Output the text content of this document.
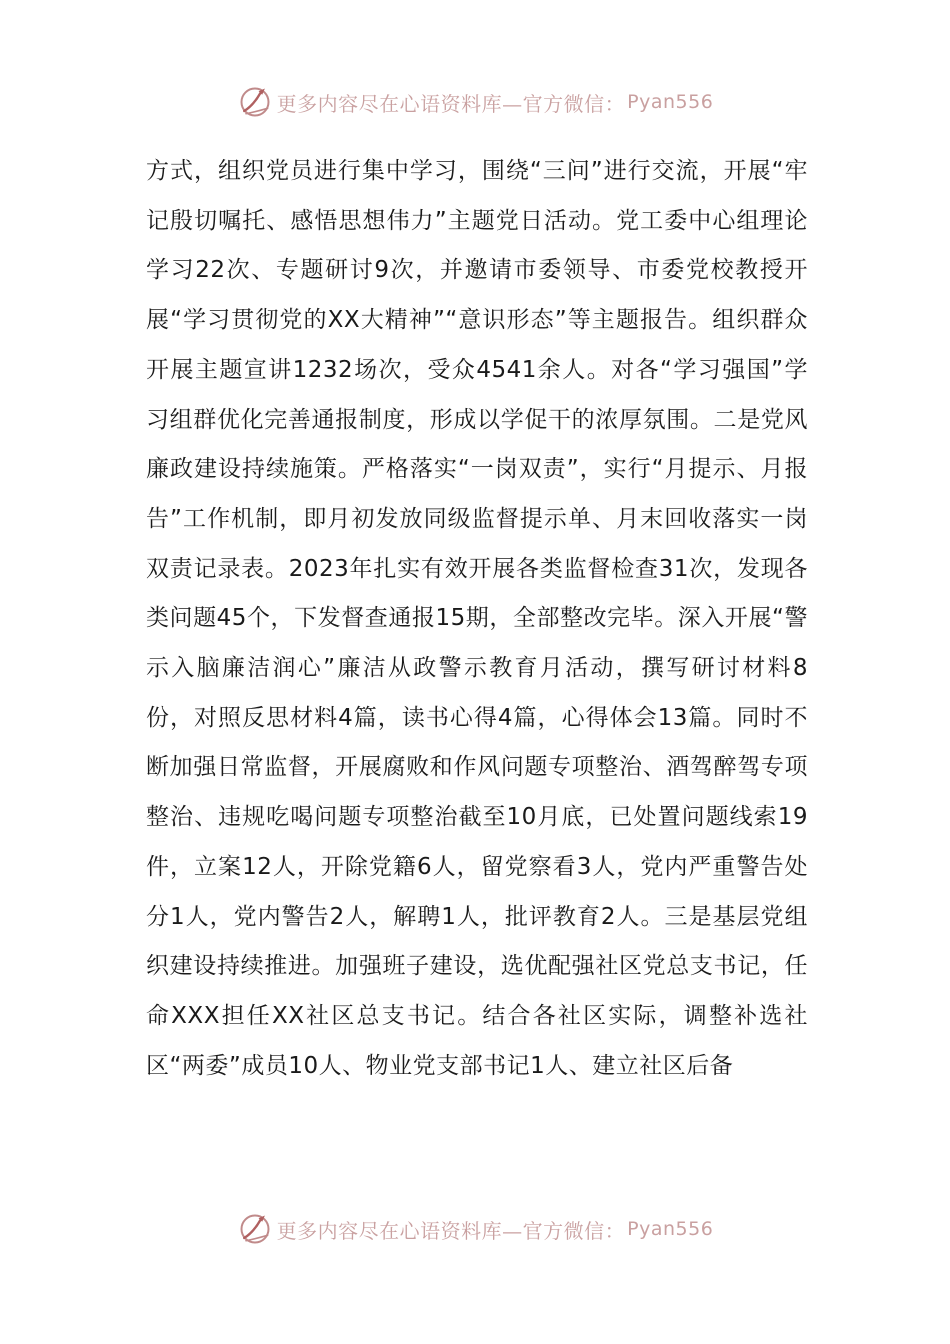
更多内容尽在心语资料库—官方微信： Pyan556

方式，组织党员进行集中学习，围绕“三问”进行交流，开展“牢记殷切嘱托、感悟思想伟力”主题党日活动。党工委中心组理论学习22次、专题研讨9次，并邀请市委领导、市委党校教授开展“学习贯彻党的XX大精神”“意识形态”等主题报告。组织群众开展主题宣讲1232场次，受众4541余人。对各“学习强国”学习组群优化完善通报制度，形成以学促干的浓厚氛围。二是党风廉政建设持续施策。严格落实“一岗双责”，实行“月提示、月报告”工作机制，即月初发放同级监督提示单、月末回收落实一岗双责记录表。2023年扎实有效开展各类监督检查31次，发现各类问题45个，下发督查通报15期，全部整改完毕。深入开展“警示入脑廉洁润心”廉洁从政警示教育月活动，撰写研讨材料8份，对照反思材料4篇，读书心得4篇，心得体会13篇。同时不断加强日常监督，开展腐败和作风问题专项整治、酒驾醉驾专项整治、违规吃喝问题专项整治截至10月底，已处置问题线索19件，立案12人，开除党籍6人，留党察看3人，党内严重警告处分1人，党内警告2人，解聘1人，批评教育2人。三是基层党组织建设持续推进。加强班子建设，选优配强社区党总支书记，任命XXX担任XX社区总支书记。结合各社区实际，调整补选社区“两委”成员10人、物业党支部书记1人、建立社区后备

更多内容尽在心语资料库—官方微信： Pyan556
